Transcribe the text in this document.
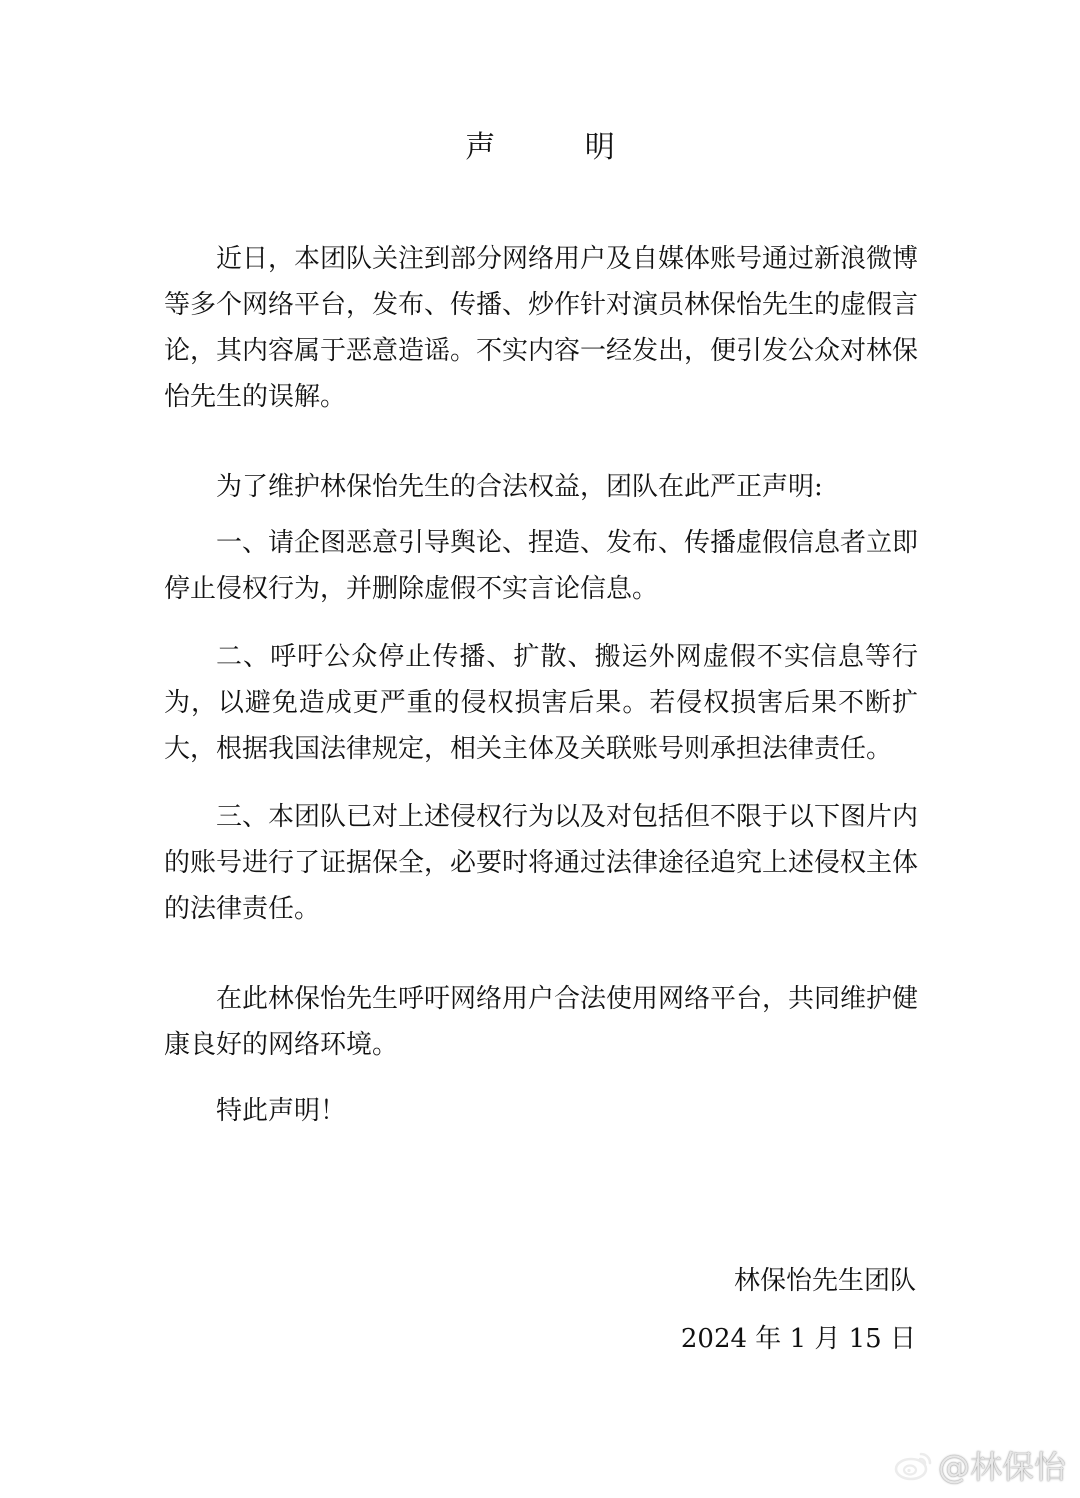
声 明

近日，本团队关注到部分网络用户及自媒体账号通过新浪微博等多个网络平台，发布、传播、炒作针对演员林保怡先生的虚假言论，其内容属于恶意造谣。不实内容一经发出，便引发公众对林保怡先生的误解。

为了维护林保怡先生的合法权益，团队在此严正声明:

一、请企图恶意引导舆论、捏造、发布、传播虚假信息者立即停止侵权行为，并删除虚假不实言论信息。

二、呼吁公众停止传播、扩散、搬运外网虚假不实信息等行为，以避免造成更严重的侵权损害后果。若侵权损害后果不断扩大，根据我国法律规定，相关主体及关联账号则承担法律责任。

三、本团队已对上述侵权行为以及对包括但不限于以下图片内的账号进行了证据保全，必要时将通过法律途径追究上述侵权主体的法律责任。

在此林保怡先生呼吁网络用户合法使用网络平台，共同维护健康良好的网络环境。

特此声明！

林保怡先生团队
2024 年 1 月 15 日
@林保怡
